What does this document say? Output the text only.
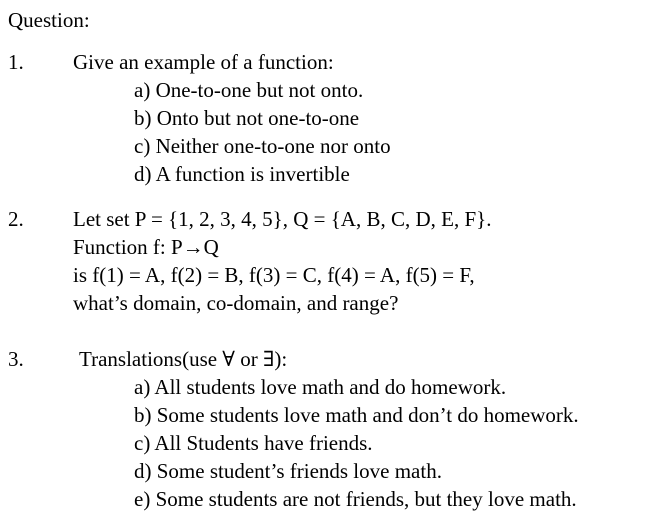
Question:
1. Give an example of a function:
a) One-to-one but not onto.
b) Onto but not one-to-one
c) Neither one-to-one nor onto
d) A function is invertible
2. Let set P = {1, 2, 3, 4, 5}, Q = {A, B, C, D, E, F}.
Function f: P→Q
is f(1) = A, f(2) = B, f(3) = C, f(4) = A, f(5) = F,
what’s domain, co-domain, and range?
3.	Translations(use ∀ or ∃):
a) All students love math and do homework.
b) Some students love math and don’t do homework.
c) All Students have friends.
d) Some student’s friends love math.
e) Some students are not friends, but they love math.
